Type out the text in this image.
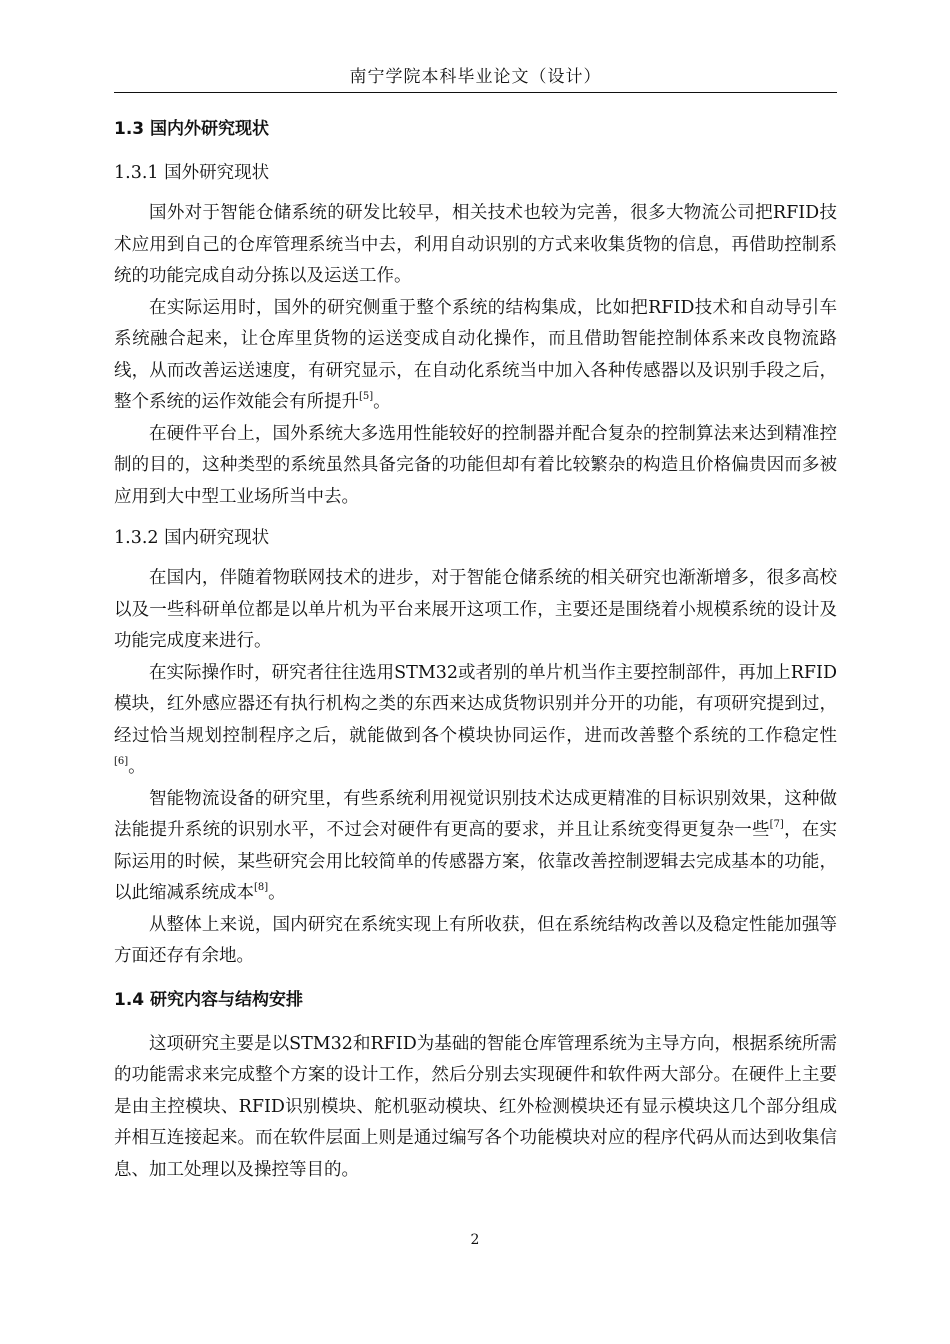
南宁学院本科毕业论文（设计）
1.3 国内外研究现状
1.3.1 国外研究现状

国外对于智能仓储系统的研发比较早，相关技术也较为完善，很多大物流公司把RFID技术应用到自己的仓库管理系统当中去，利用自动识别的方式来收集货物的信息，再借助控制系统的功能完成自动分拣以及运送工作。

在实际运用时，国外的研究侧重于整个系统的结构集成，比如把RFID技术和自动导引车系统融合起来，让仓库里货物的运送变成自动化操作，而且借助智能控制体系来改良物流路线，从而改善运送速度，有研究显示，在自动化系统当中加入各种传感器以及识别手段之后，整个系统的运作效能会有所提升[5]。

在硬件平台上，国外系统大多选用性能较好的控制器并配合复杂的控制算法来达到精准控制的目的，这种类型的系统虽然具备完备的功能但却有着比较繁杂的构造且价格偏贵因而多被应用到大中型工业场所当中去。

1.3.2 国内研究现状

在国内，伴随着物联网技术的进步，对于智能仓储系统的相关研究也渐渐增多，很多高校以及一些科研单位都是以单片机为平台来展开这项工作，主要还是围绕着小规模系统的设计及功能完成度来进行。

在实际操作时，研究者往往选用STM32或者别的单片机当作主要控制部件，再加上RFID模块，红外感应器还有执行机构之类的东西来达成货物识别并分开的功能，有项研究提到过，经过恰当规划控制程序之后，就能做到各个模块协同运作，进而改善整个系统的工作稳定性[6]。

智能物流设备的研究里，有些系统利用视觉识别技术达成更精准的目标识别效果，这种做法能提升系统的识别水平，不过会对硬件有更高的要求，并且让系统变得更复杂一些[7]，在实际运用的时候，某些研究会用比较简单的传感器方案，依靠改善控制逻辑去完成基本的功能，以此缩减系统成本[8]。

从整体上来说，国内研究在系统实现上有所收获，但在系统结构改善以及稳定性能加强等方面还存有余地。

1.4 研究内容与结构安排

这项研究主要是以STM32和RFID为基础的智能仓库管理系统为主导方向，根据系统所需的功能需求来完成整个方案的设计工作，然后分别去实现硬件和软件两大部分。在硬件上主要是由主控模块、RFID识别模块、舵机驱动模块、红外检测模块还有显示模块这几个部分组成并相互连接起来。而在软件层面上则是通过编写各个功能模块对应的程序代码从而达到收集信息、加工处理以及操控等目的。

2
